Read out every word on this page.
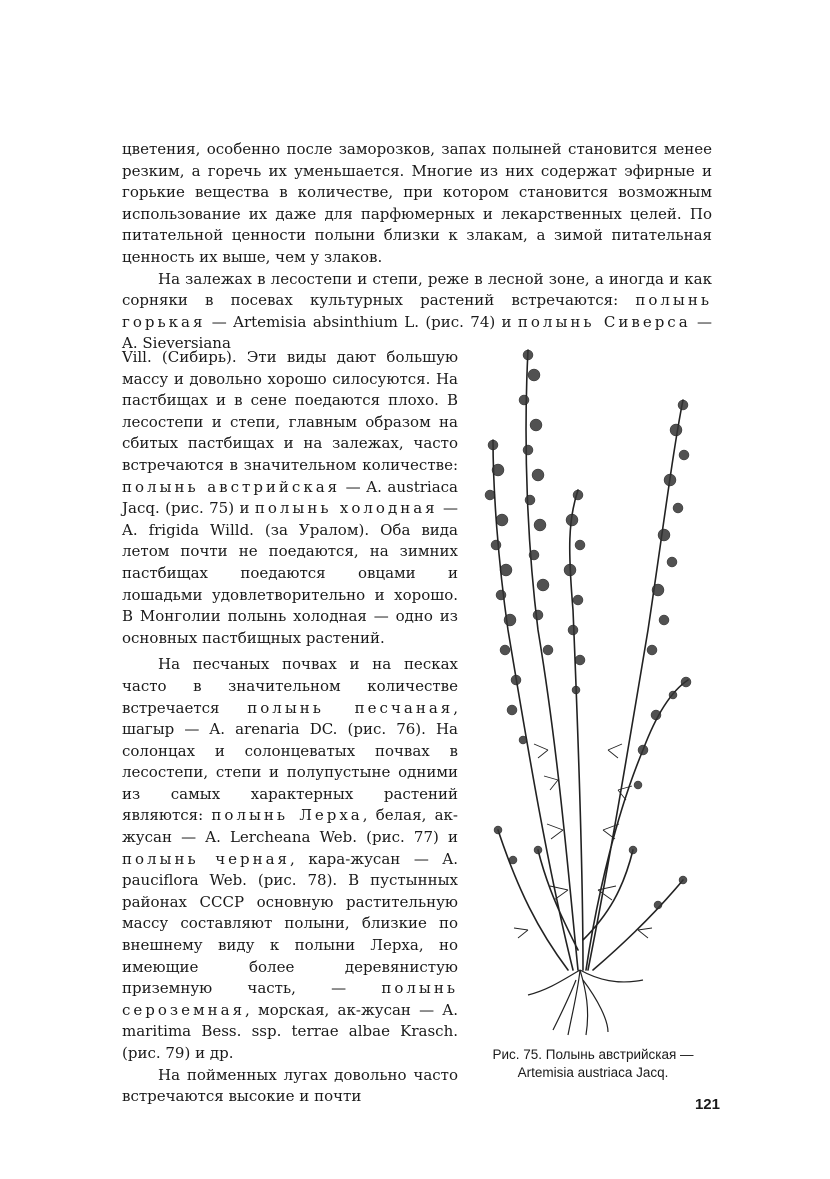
цветения, особенно после заморозков, запах полыней становится менее резким, а горечь их уменьшается. Многие из них содержат эфирные и горькие вещества в количестве, при котором становится возможным использование их даже для парфюмерных и лекарственных целей. По питательной ценности полыни близки к злакам, а зимой питательная ценность их выше, чем у злаков.

На залежах в лесостепи и степи, реже в лесной зоне, а иногда и как сорняки в посевах культурных растений встречаются: полынь горькая — Artemisia absinthium L. (рис. 74) и полынь Сиверса — A. Sieversiana

Vill. (Сибирь). Эти виды дают большую массу и довольно хорошо силосуются. На пастбищах и в сене поедаются плохо. В лесостепи и степи, главным образом на сбитых пастбищах и на залежах, часто встречаются в значительном количестве: полынь австрийская — A. austriaca Jacq. (рис. 75) и полынь холодная — A. frigida Willd. (за Уралом). Оба вида летом почти не поедаются, на зимних пастбищах поедаются овцами и лошадьми удовлетворительно и хорошо. В Монголии полынь холодная — одно из основных пастбищных растений.

На песчаных почвах и на песках часто в значительном количестве встречается полынь песчаная, шагыр — A. arenaria DC. (рис. 76). На солонцах и солонцеватых почвах в лесостепи, степи и полупустыне одними из самых характерных растений являются: полынь Лерха, белая, ак-жусан — A. Lercheana Web. (рис. 77) и полынь черная, кара-жусан — A. pauciflora Web. (рис. 78). В пустынных районах СССР основную растительную массу составляют полыни, близкие по внешнему виду к полыни Лерха, но имеющие более деревянистую приземную часть, — полынь сероземная, морская, ак-жусан — A. maritima Bess. ssp. terrae albae Krasch. (рис. 79) и др.

На пойменных лугах довольно часто встречаются высокие и почти

Рис. 75. Полынь австрийская —
Artemisia austriaca Jacq.
121
